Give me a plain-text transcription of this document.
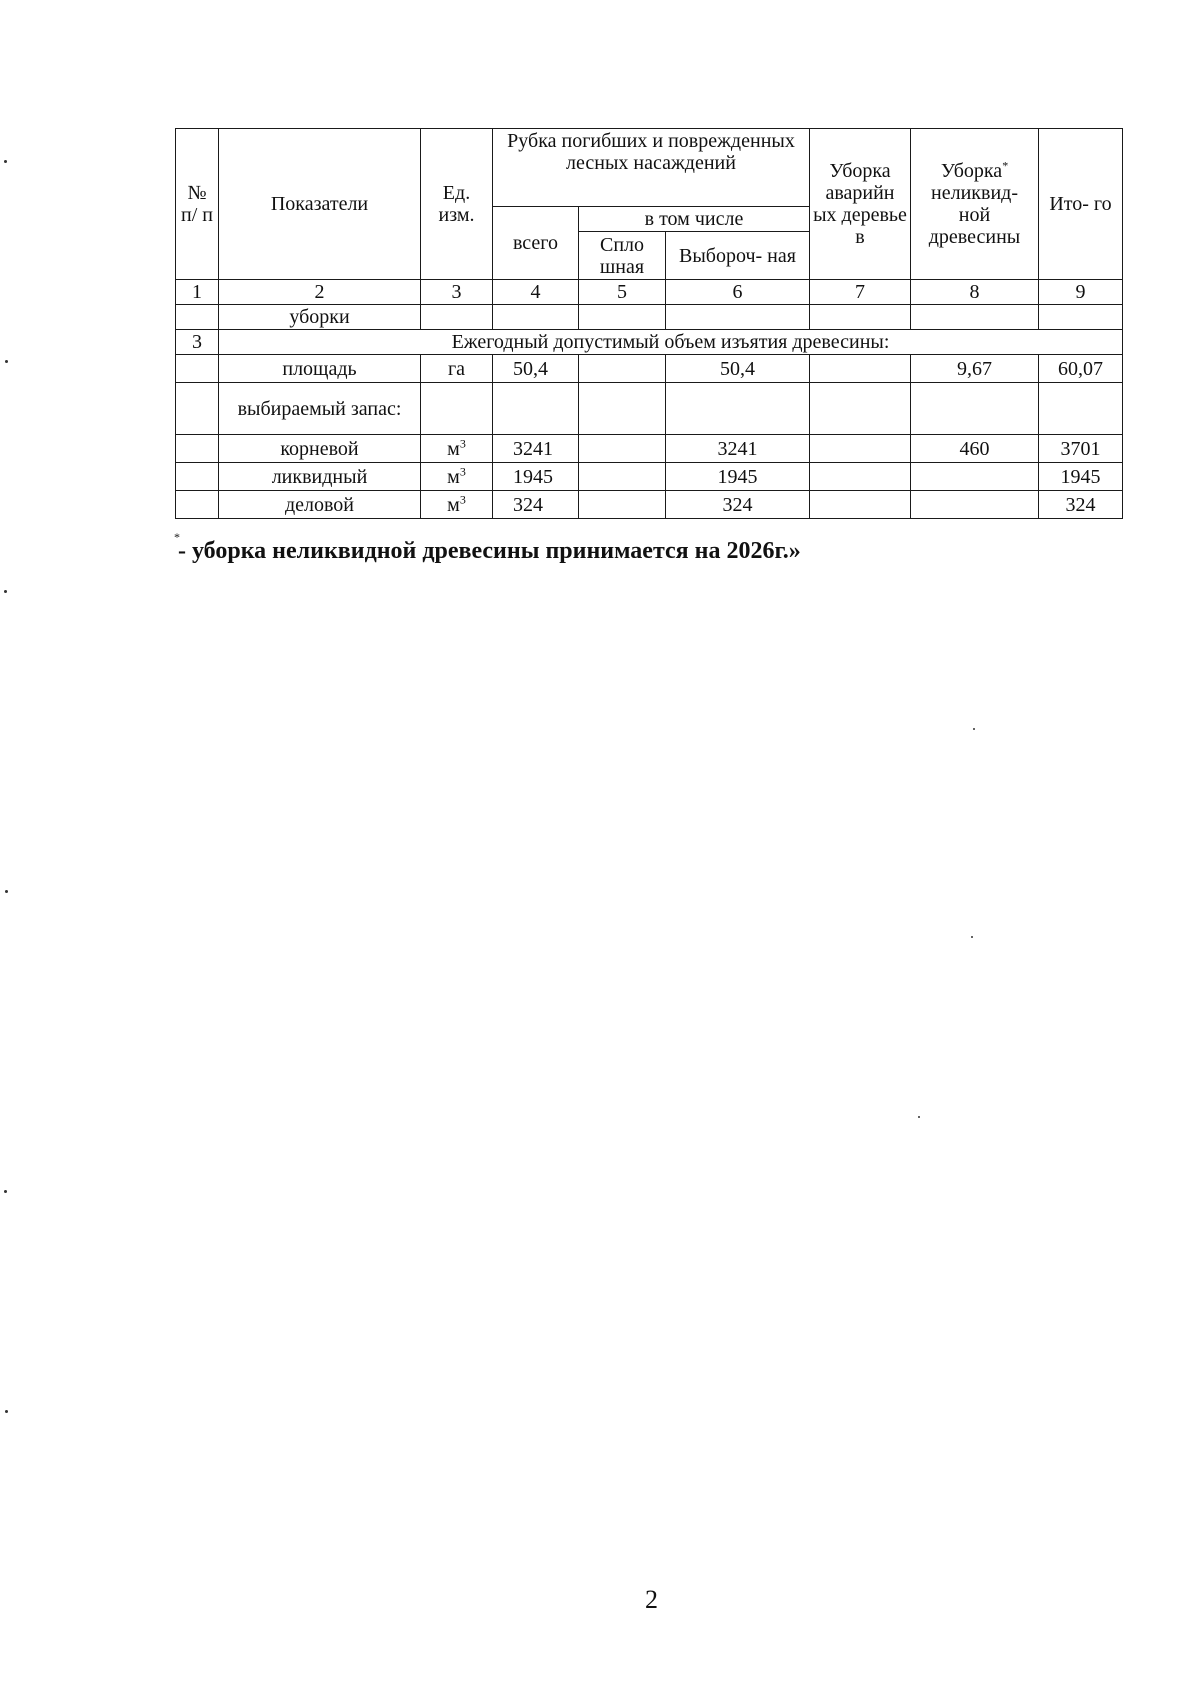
№ п/ п	Показатели	Ед. изм.	Рубка погибших и поврежденных лесных насаждений			Уборка аварийн ых деревье в	Уборка* неликвид- ной древесины	Ито- го
			всего	в том числе				
				Спло шная	Выбороч- ная			
1	2	3	4	5	6	7	8	9
	уборки							
3	Ежегодный допустимый объем изъятия древесины:							
	площадь	га	50,4		50,4		9,67	60,07
	выбираемый запас:							
	корневой	$м^3$	3241		3241		460	3701
	ликвидный	$м^3$	1945		1945			1945
	деловой	$м^3$	324		324			324
*
- уборка неликвидной древесины принимается на 2026г.»
2
